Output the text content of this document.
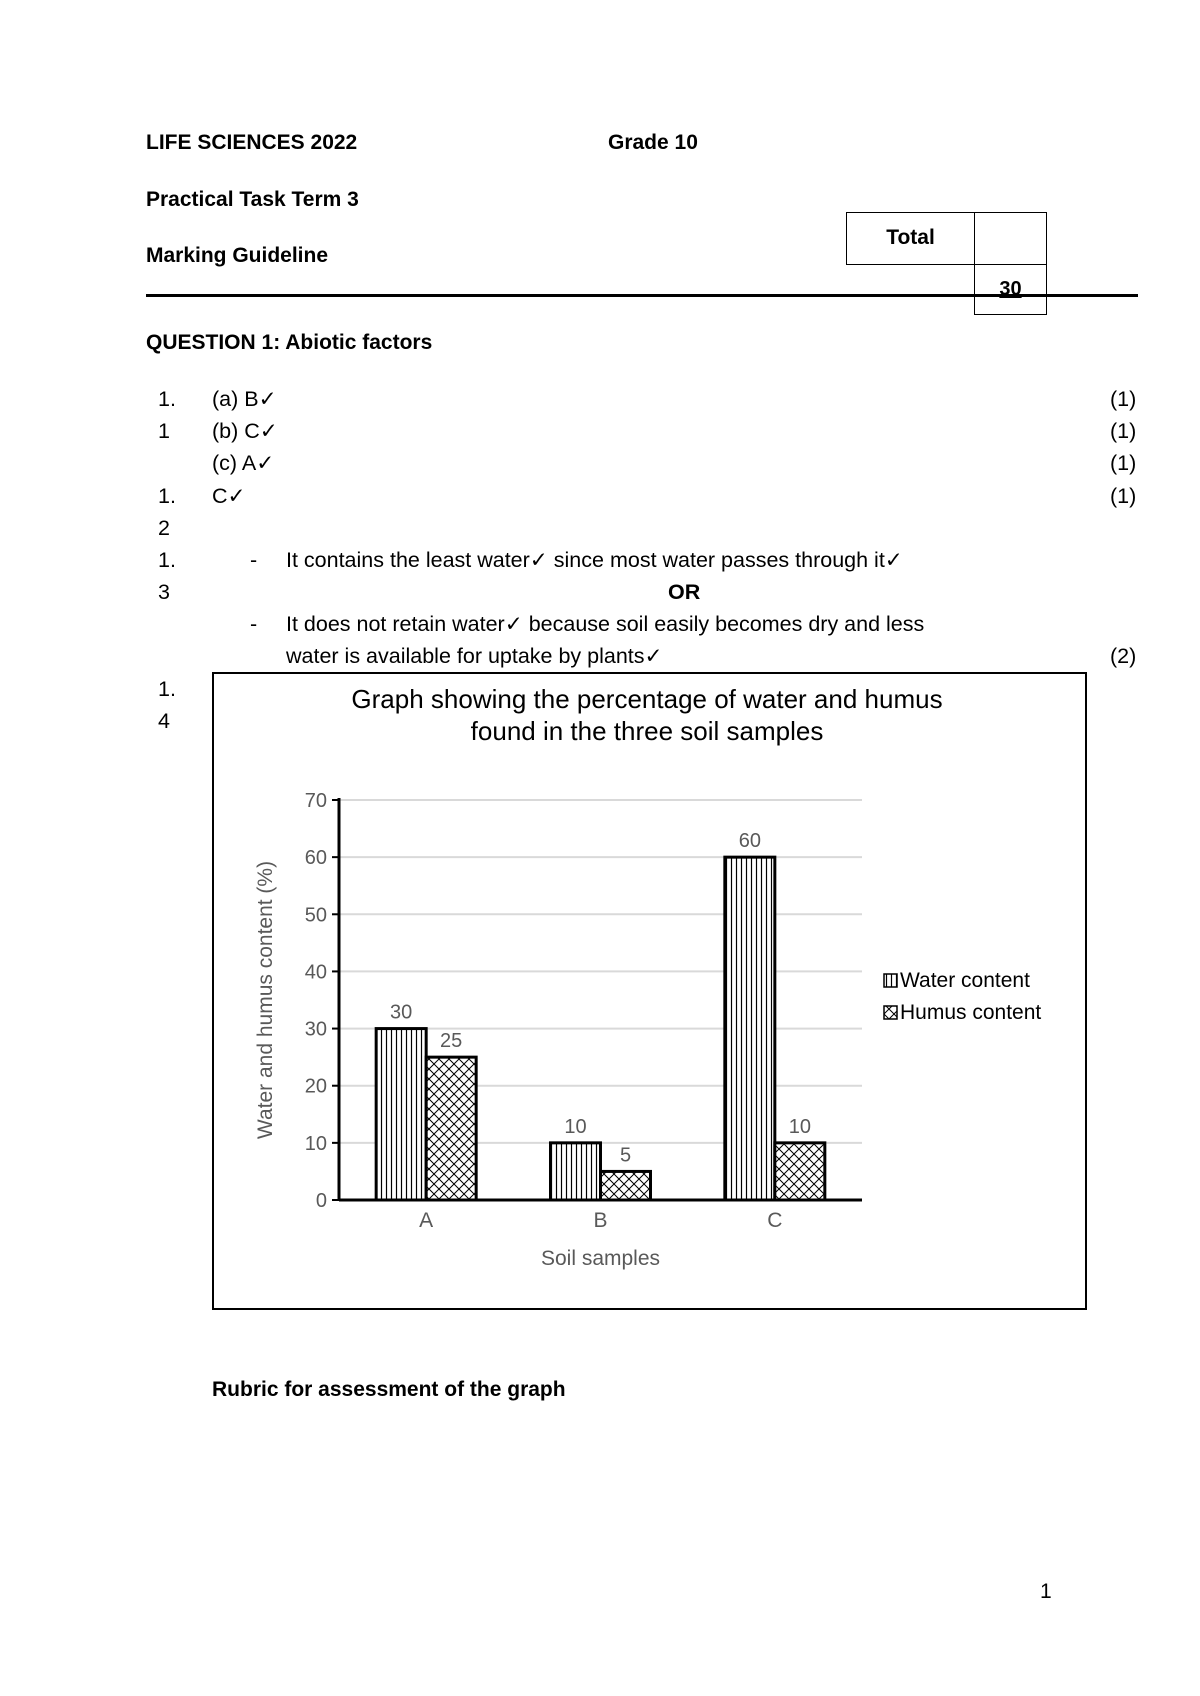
LIFE SCIENCES 2022	Grade 10
Practical Task Term 3
Marking Guideline
Total
30
QUESTION 1: Abiotic factors
1. (a) B✓	(1)
1 (b) C✓	(1)
(c) A✓	(1)
1. C✓	(1)
2
1.
3
- It contains the least water✓ since most water passes through it✓
OR
- It does not retain water✓ because soil easily becomes dry and less
water is available for uptake by plants✓	(2)
1.
4
Graph showing the percentage of water and humus
found in the three soil samples
0
10
20
30
40
50
60
70
30
25
A
10
5
B
60
10
C
Soil samples
Water and humus content (%)	Water content
Humus content
Rubric for assessment of the graph
1
